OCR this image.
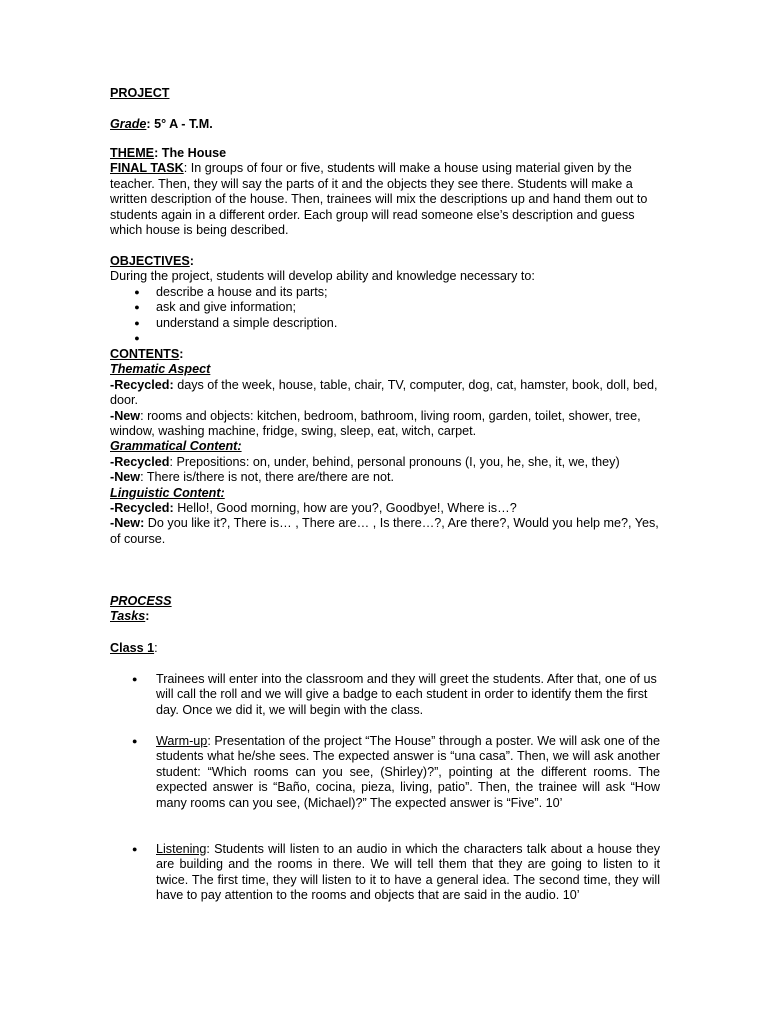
PROJECT

Grade: 5° A - T.M.

THEME: The House

FINAL TASK: In groups of four or five, students will make a house using material given by the teacher. Then, they will say the parts of it and the objects they see there. Students will make a written description of the house. Then, trainees will mix the descriptions up and hand them out to students again in a different order. Each group will read someone else’s description and guess which house is being described.

OBJECTIVES:

During the project, students will develop ability and knowledge necessary to:

● describe a house and its parts;
● ask and give information;
● understand a simple description.
●

CONTENTS:

Thematic Aspect

-Recycled: days of the week, house, table, chair, TV, computer, dog, cat, hamster, book, doll, bed, door.

-New: rooms and objects: kitchen, bedroom, bathroom, living room, garden, toilet, shower, tree, window, washing machine, fridge, swing, sleep, eat, witch, carpet.

Grammatical Content:

-Recycled: Prepositions: on, under, behind, personal pronouns (I, you, he, she, it, we, they)

-New: There is/there is not, there are/there are not.

Linguistic Content:

-Recycled: Hello!, Good morning, how are you?, Goodbye!, Where is…?

-New: Do you like it?, There is… , There are… , Is there…?, Are there?, Would you help me?, Yes, of course.

PROCESS

Tasks:

Class 1:

● Trainees will enter into the classroom and they will greet the students. After that, one of us will call the roll and we will give a badge to each student in order to identify them the first day. Once we did it, we will begin with the class.

● Warm-up: Presentation of the project “The House” through a poster. We will ask one of the students what he/she sees. The expected answer is “una casa”. Then, we will ask another student: “Which rooms can you see, (Shirley)?”, pointing at the different rooms. The expected answer is “Baño, cocina, pieza, living, patio”. Then, the trainee will ask “How many rooms can you see, (Michael)?” The expected answer is “Five”. 10’

● Listening: Students will listen to an audio in which the characters talk about a house they are building and the rooms in there. We will tell them that they are going to listen to it twice. The first time, they will listen to it to have a general idea. The second time, they will have to pay attention to the rooms and objects that are said in the audio. 10’
